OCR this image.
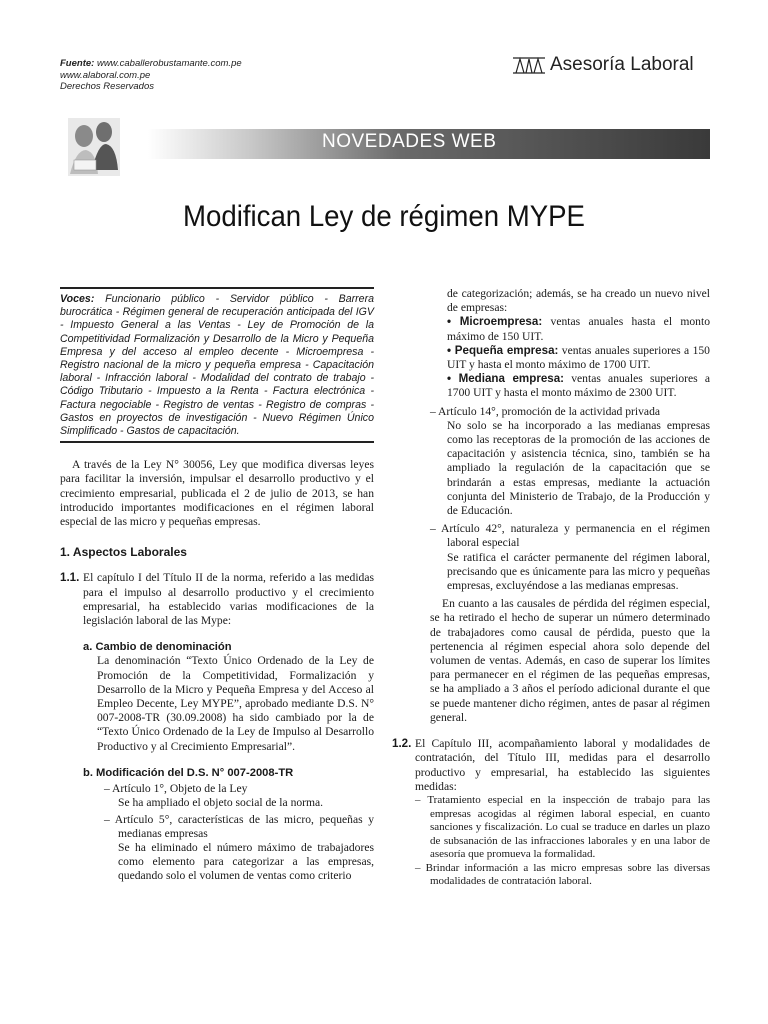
Fuente: www.caballerobustamante.com.pe
www.alaboral.com.pe
Derechos Reservados
Asesoría Laboral
NOVEDADES WEB
Modifican Ley de régimen MYPE
Voces: Funcionario público - Servidor público - Barrera burocrática - Régimen general de recuperación anticipada del IGV - Impuesto General a las Ventas - Ley de Promoción de la Competitividad Formalización y Desarrollo de la Micro y Pequeña Empresa y del acceso al empleo decente - Microempresa - Registro nacional de la micro y pequeña empresa - Capacitación laboral - Infracción laboral - Modalidad del contrato de trabajo - Código Tributario - Impuesto a la Renta - Factura electrónica - Factura negociable - Registro de ventas - Registro de compras - Gastos en proyectos de investigación - Nuevo Régimen Único Simplificado - Gastos de capacitación.

A través de la Ley N° 30056, Ley que modifica diversas leyes para facilitar la inversión, impulsar el desarrollo productivo y el crecimiento empresarial, publicada el 2 de julio de 2013, se han introducido importantes modificaciones en el régimen laboral especial de las micro y pequeñas empresas.

1. Aspectos Laborales

1.1. El capítulo I del Título II de la norma, referido a las medidas para el impulso al desarrollo productivo y el crecimiento empresarial, ha establecido varias modificaciones de la legislación laboral de las Mype:

a. Cambio de denominación

La denominación “Texto Único Ordenado de la Ley de Promoción de la Competitividad, Formalización y Desarrollo de la Micro y Pequeña Empresa y del Acceso al Empleo Decente, Ley MYPE”, aprobado mediante D.S. N° 007-2008-TR (30.09.2008) ha sido cambiado por la de “Texto Único Ordenado de la Ley de Impulso al Desarrollo Productivo y al Crecimiento Empresarial”.

b. Modificación del D.S. N° 007-2008-TR

– Artículo 1°, Objeto de la Ley

Se ha ampliado el objeto social de la norma.

– Artículo 5°, características de las micro, pequeñas y medianas empresas

Se ha eliminado el número máximo de trabajadores como elemento para categorizar a las empresas, quedando solo el volumen de ventas como criterio

de categorización; además, se ha creado un nuevo nivel de empresas:

• Microempresa: ventas anuales hasta el monto máximo de 150 UIT.

• Pequeña empresa: ventas anuales superiores a 150 UIT y hasta el monto máximo de 1700 UIT.

• Mediana empresa: ventas anuales superiores a 1700 UIT y hasta el monto máximo de 2300 UIT.

– Artículo 14°, promoción de la actividad privada

No solo se ha incorporado a las medianas empresas como las receptoras de la promoción de las acciones de capacitación y asistencia técnica, sino, también se ha ampliado la regulación de la capacitación que se brindarán a estas empresas, mediante la actuación conjunta del Ministerio de Trabajo, de la Producción y de Educación.

– Artículo 42°, naturaleza y permanencia en el régimen laboral especial

Se ratifica el carácter permanente del régimen laboral, precisando que es únicamente para las micro y pequeñas empresas, excluyéndose a las medianas empresas.

En cuanto a las causales de pérdida del régimen especial, se ha retirado el hecho de superar un número determinado de trabajadores como causal de pérdida, puesto que la pertenencia al régimen especial ahora solo depende del volumen de ventas. Además, en caso de superar los límites para permanecer en el régimen de las pequeñas empresas, se ha ampliado a 3 años el período adicional durante el que se puede mantener dicho régimen, antes de pasar al régimen general.

1.2. El Capítulo III, acompañamiento laboral y modalidades de contratación, del Título III, medidas para el desarrollo productivo y empresarial, ha establecido las siguientes medidas:

– Tratamiento especial en la inspección de trabajo para las empresas acogidas al régimen laboral especial, en cuanto sanciones y fiscalización. Lo cual se traduce en darles un plazo de subsanación de las infracciones laborales y en una labor de asesoría que promueva la formalidad.

– Brindar información a las micro empresas sobre las diversas modalidades de contratación laboral.
